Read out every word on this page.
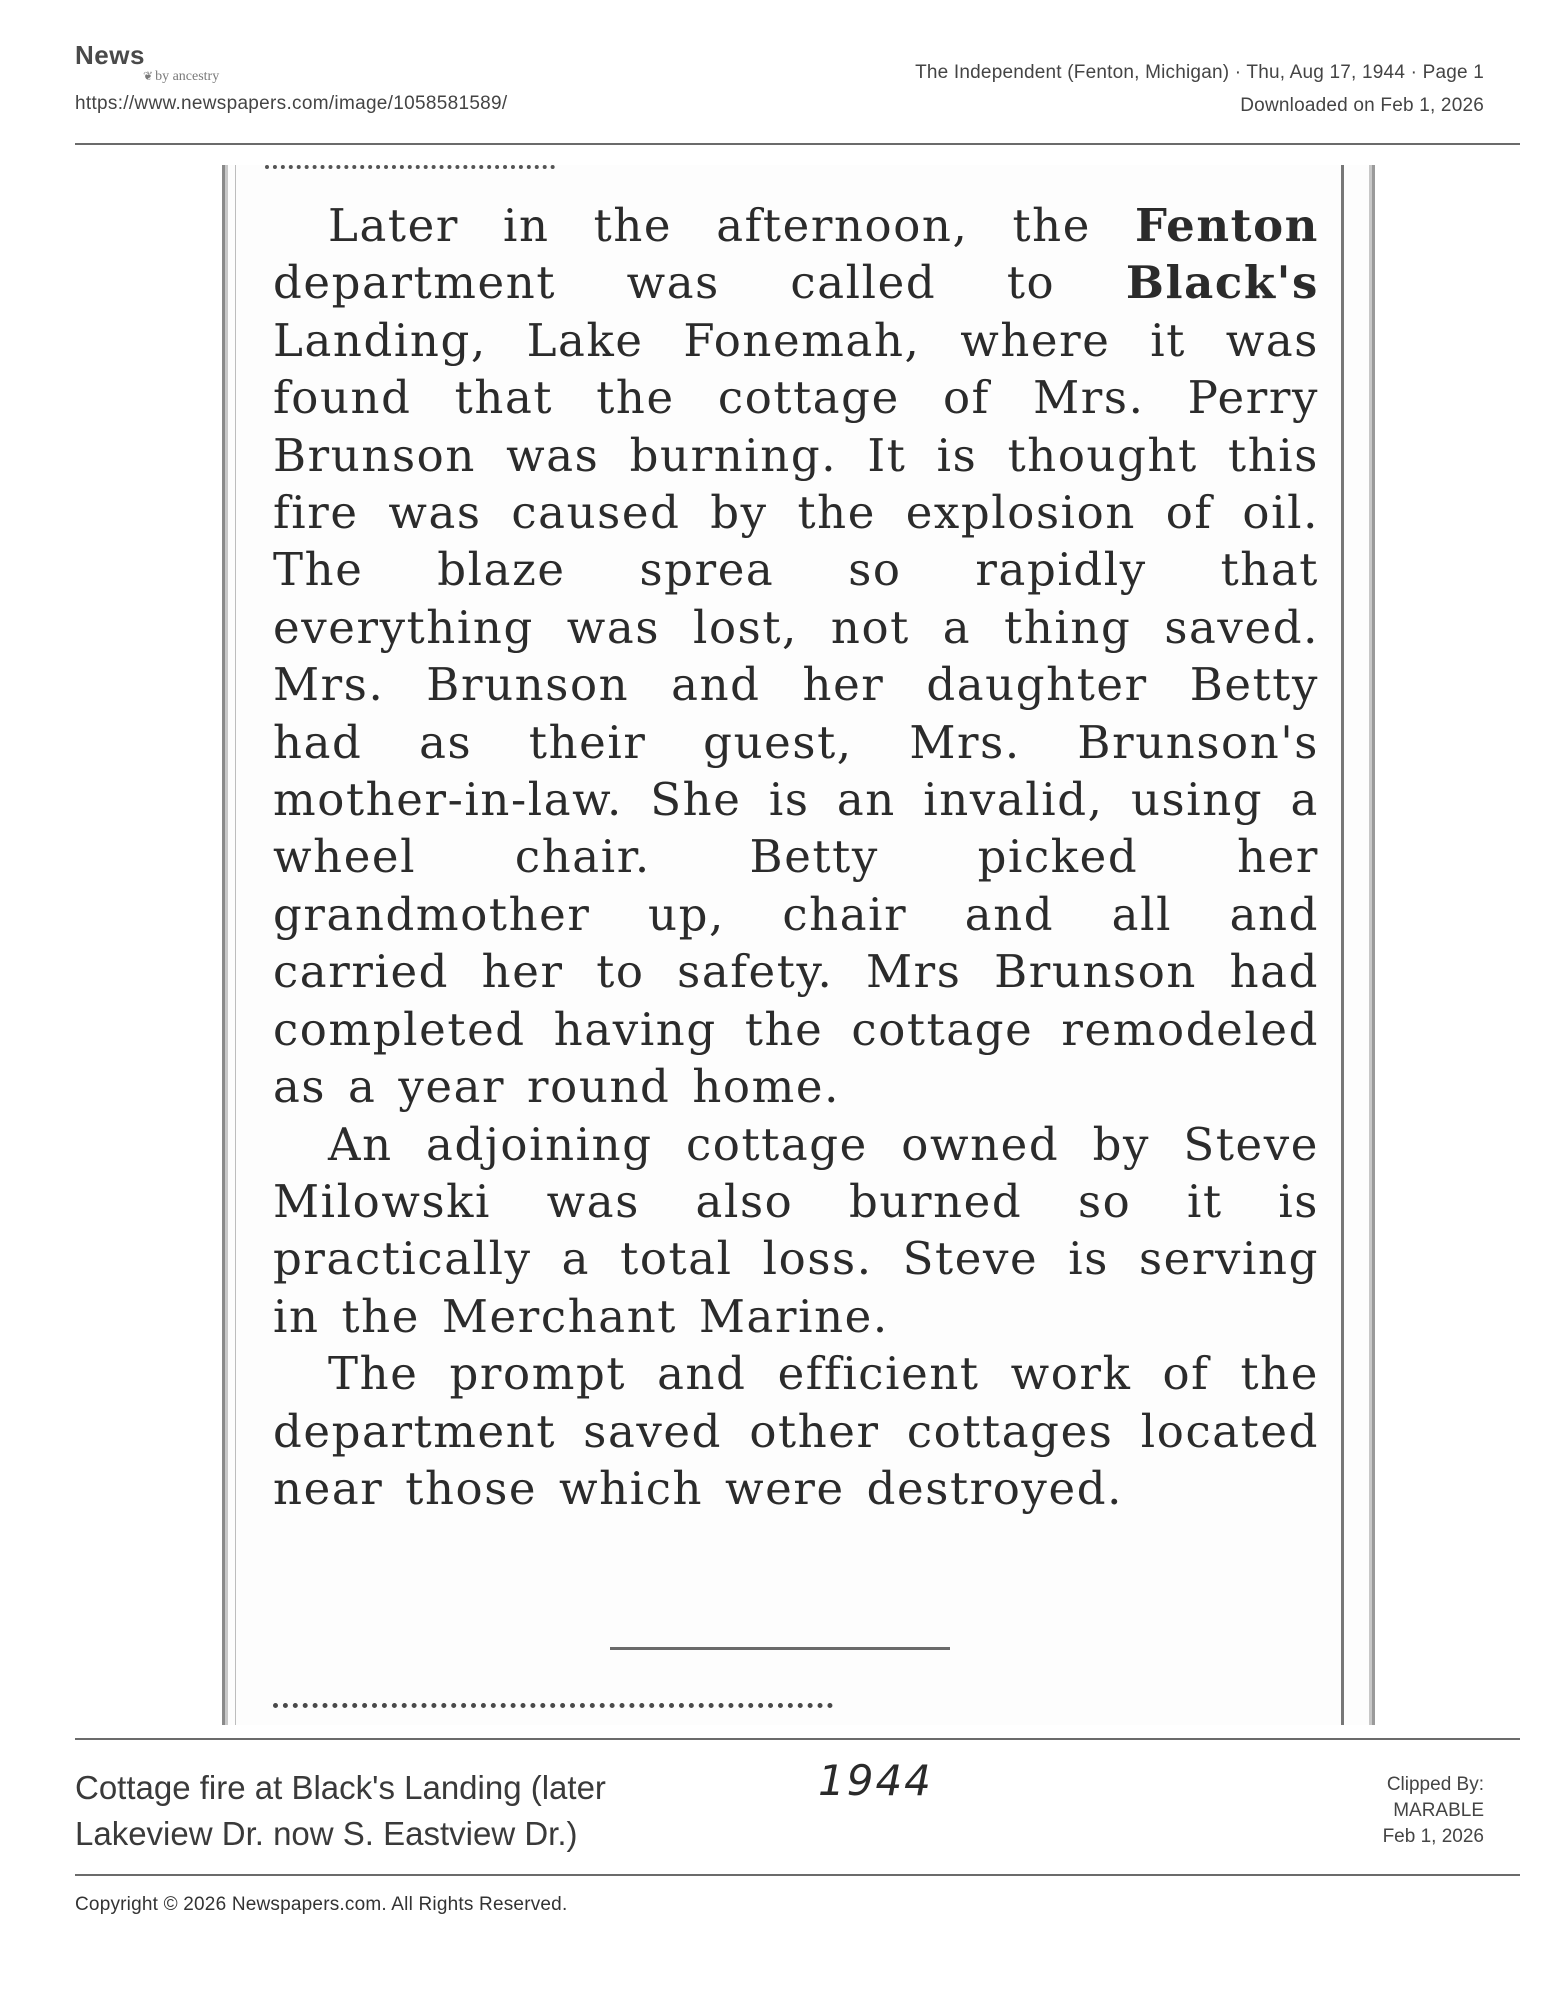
News
❦ by ancestry
https://www.newspapers.com/image/1058581589/
The Independent (Fenton, Michigan) · Thu, Aug 17, 1944 · Page 1
Downloaded on Feb 1, 2026

Later in the afternoon, the Fenton department was called to Black's Landing, Lake Fonemah, where it was found that the cottage of Mrs. Perry Brunson was burning. It is thought this fire was caused by the explosion of oil. The blaze sprea so rapidly that everything was lost, not a thing saved. Mrs. Brunson and her daughter Betty had as their guest, Mrs. Brunson's mother-in-law. She is an invalid, using a wheel chair. Betty picked her grandmother up, chair and all and carried her to safety. Mrs Brunson had completed having the cottage remodeled as a year round home.

An adjoining cottage owned by Steve Milowski was also burned so it is practically a total loss. Steve is serving in the Merchant Marine.

The prompt and efficient work of the department saved other cottages located near those which were destroyed.

Cottage fire at Black's Landing (later
Lakeview Dr. now S. Eastview Dr.)
1944	Clipped By:
MARABLE
Feb 1, 2026
Copyright © 2026 Newspapers.com. All Rights Reserved.
